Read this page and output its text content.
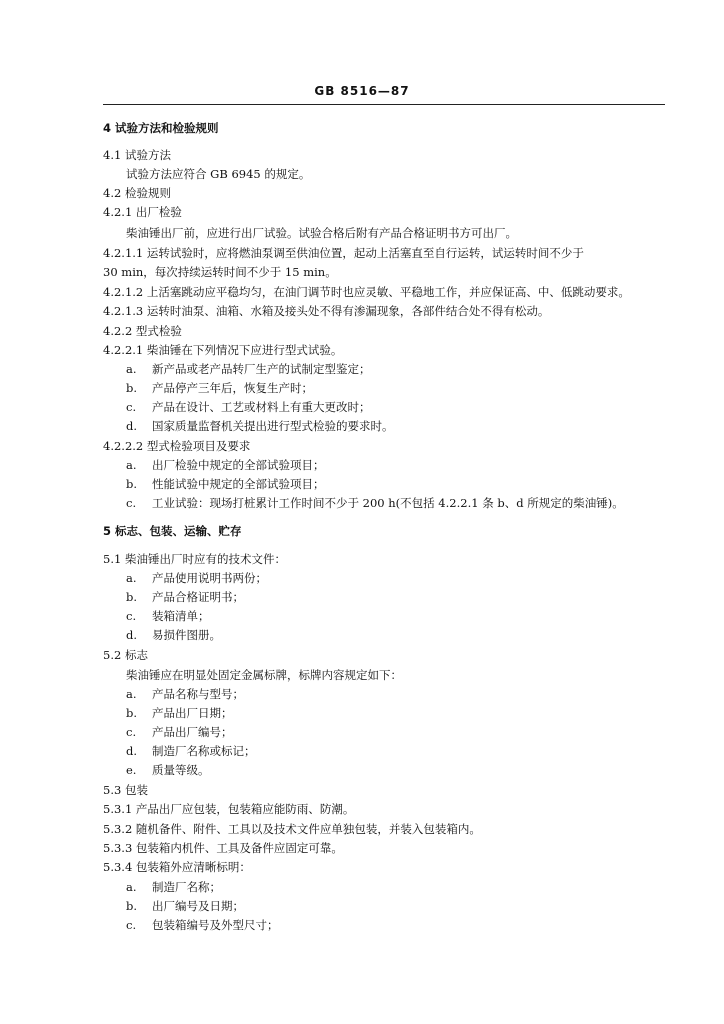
GB 8516—87
4 试验方法和检验规则
4.1 试验方法
试验方法应符合 GB 6945 的规定。
4.2 检验规则
4.2.1 出厂检验
柴油锤出厂前，应进行出厂试验。试验合格后附有产品合格证明书方可出厂。
4.2.1.1 运转试验时，应将燃油泵调至供油位置，起动上活塞直至自行运转，试运转时间不少于
30 min，每次持续运转时间不少于 15 min。
4.2.1.2 上活塞跳动应平稳均匀，在油门调节时也应灵敏、平稳地工作，并应保证高、中、低跳动要求。
4.2.1.3 运转时油泵、油箱、水箱及接头处不得有渗漏现象，各部件结合处不得有松动。
4.2.2 型式检验
4.2.2.1 柴油锤在下列情况下应进行型式试验。
a. 新产品或老产品转厂生产的试制定型鉴定；
b. 产品停产三年后，恢复生产时；
c. 产品在设计、工艺或材料上有重大更改时；
d. 国家质量监督机关提出进行型式检验的要求时。
4.2.2.2 型式检验项目及要求
a. 出厂检验中规定的全部试验项目；
b. 性能试验中规定的全部试验项目；
c. 工业试验：现场打桩累计工作时间不少于 200 h(不包括 4.2.2.1 条 b、d 所规定的柴油锤)。
5 标志、包装、运输、贮存
5.1 柴油锤出厂时应有的技术文件：
a. 产品使用说明书两份；
b. 产品合格证明书；
c. 装箱清单；
d. 易损件图册。
5.2 标志
柴油锤应在明显处固定金属标牌，标牌内容规定如下：
a. 产品名称与型号；
b. 产品出厂日期；
c. 产品出厂编号；
d. 制造厂名称或标记；
e. 质量等级。
5.3 包装
5.3.1 产品出厂应包装，包装箱应能防雨、防潮。
5.3.2 随机备件、附件、工具以及技术文件应单独包装，并装入包装箱内。
5.3.3 包装箱内机件、工具及备件应固定可靠。
5.3.4 包装箱外应清晰标明：
a. 制造厂名称；
b. 出厂编号及日期；
c. 包装箱编号及外型尺寸；
